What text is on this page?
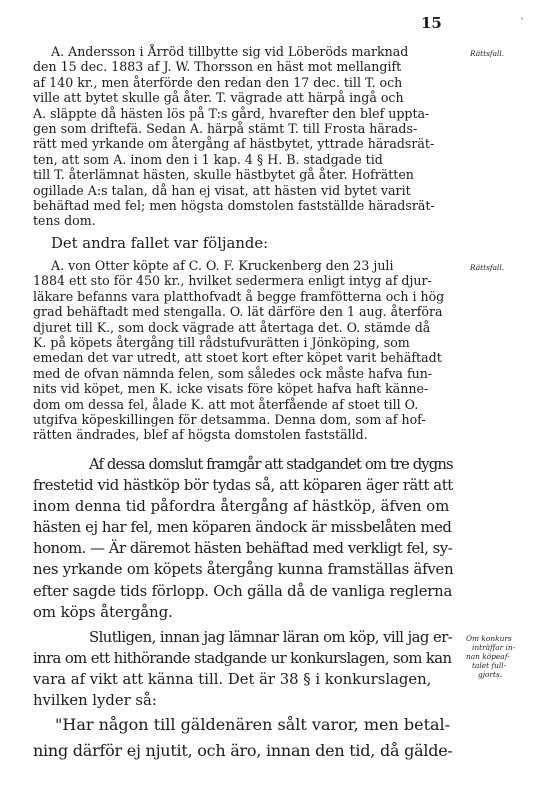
15	`
A. Andersson i Årröd tillbytte sig vid Löberöds marknad
den 15 dec. 1883 af J. W. Thorsson en häst mot mellangift
af 140 kr., men återförde den redan den 17 dec. till T. och
ville att bytet skulle gå åter. T. vägrade att härpå ingå och
A. släppte då hästen lös på T:s gård, hvarefter den blef uppta-
gen som driftefä. Sedan A. härpå stämt T. till Frosta härads-
rätt med yrkande om återgång af hästbytet, yttrade häradsrät-
ten, att som A. inom den i 1 kap. 4 § H. B. stadgade tid
till T. återlämnat hästen, skulle hästbytet gå åter. Hofrätten
ogillade A:s talan, då han ej visat, att hästen vid bytet varit
behäftad med fel; men högsta domstolen fastställde häradsrät-
tens dom.
Rättsfall.
Det andra fallet var följande:
A. von Otter köpte af C. O. F. Kruckenberg den 23 juli
1884 ett sto för 450 kr., hvilket sedermera enligt intyg af djur-
läkare befanns vara platthofvadt å begge framfötterna och i hög
grad behäftadt med stengalla. O. lät därföre den 1 aug. återföra
djuret till K., som dock vägrade att återtaga det. O. stämde då
K. på köpets återgång till rådstufvurätten i Jönköping, som
emedan det var utredt, att stoet kort efter köpet varit behäftadt
med de ofvan nämnda felen, som således ock måste hafva fun-
nits vid köpet, men K. icke visats före köpet hafva haft känne-
dom om dessa fel, ålade K. att mot återfående af stoet till O.
utgifva köpeskillingen för detsamma. Denna dom, som af hof-
rätten ändrades, blef af högsta domstolen fastställd.
Rättsfall.
Af dessa domslut framgår att stadgandet om tre dygns
frestetid vid hästköp bör tydas så, att köparen äger rätt att
inom denna tid påfordra återgång af hästköp, äfven om
hästen ej har fel, men köparen ändock är missbelåten med
honom. — Är däremot hästen behäftad med verkligt fel, sy-
nes yrkande om köpets återgång kunna framställas äfven
efter sagde tids förlopp. Och gälla då de vanliga reglerna
om köps återgång.
Slutligen, innan jag lämnar läran om köp, vill jag er-
inra om ett hithörande stadgande ur konkurslagen, som kan
vara af vikt att känna till. Det är 38 § i konkurslagen,
hvilken lyder så:
Om konkurs
inträffar in-
nan köpeaf-
talet full-
gjorts.
"Har någon till gäldenären sålt varor, men betal-
ning därför ej njutit, och äro, innan den tid, då gälde-
